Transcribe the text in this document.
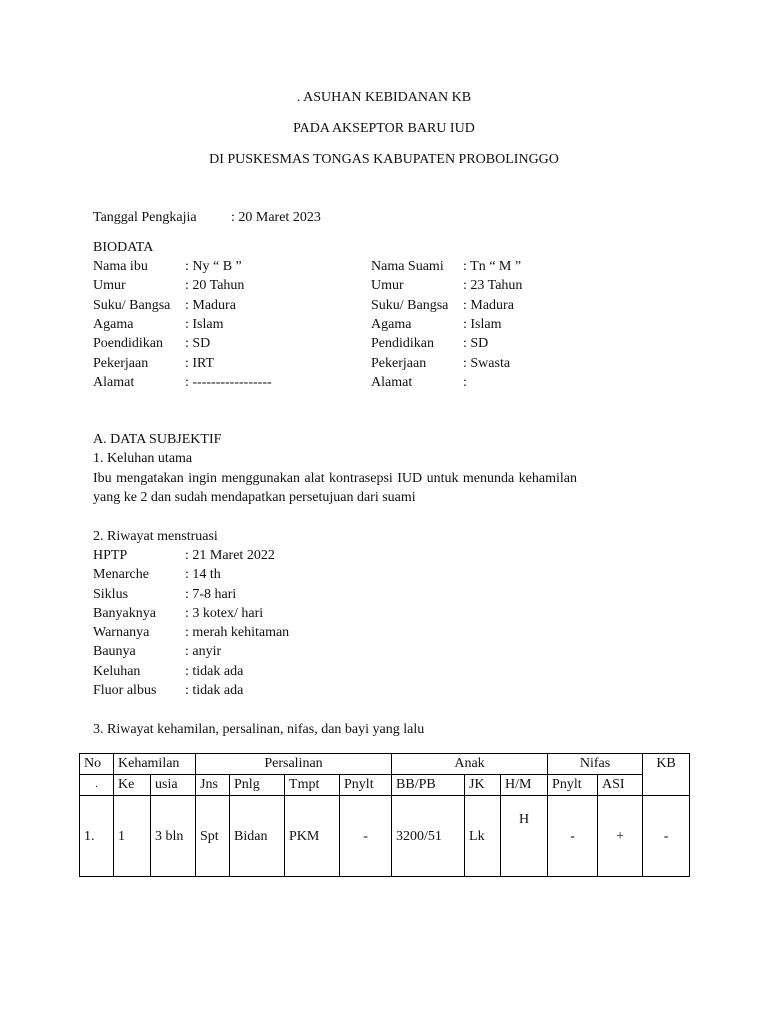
. ASUHAN KEBIDANAN KB
PADA AKSEPTOR BARU IUD
DI PUSKESMAS TONGAS KABUPATEN PROBOLINGGO
Tanggal Pengkajia : 20 Maret 2023
BIODATA
Nama ibu	: Ny “ B ”
Umur	: 20 Tahun
Suku/ Bangsa : Madura
Agama	: Islam
Poendidikan : SD
Pekerjaan	: IRT
Alamat	: -----------------
Nama Suami : Tn “ M ”
Umur	: 23 Tahun
Suku/ Bangsa : Madura
Agama	: Islam
Pendidikan : SD
Pekerjaan	: Swasta
Alamat	:
A. DATA SUBJEKTIF
1. Keluhan utama
Ibu mengatakan ingin menggunakan alat kontrasepsi IUD untuk menunda kehamilan yang ke 2 dan sudah mendapatkan persetujuan dari suami
2. Riwayat menstruasi
HPTP	: 21 Maret 2022
Menarche	: 14 th
Siklus	: 7-8 hari
Banyaknya : 3 kotex/ hari
Warnanya	: merah kehitaman
Baunya	: anyir
Keluhan	: tidak ada
Fluor albus : tidak ada
3. Riwayat kehamilan, persalinan, nifas, dan bayi yang lalu
No	Kehamilan		Persalinan				Anak			Nifas		KB
.	Ke	usia	Jns	Pnlg	Tmpt	Pnylt	BB/PB	JK	H/M	Pnylt	ASI	
1.	1	3 bln	Spt	Bidan	PKM	-	3200/51	Lk	H	-	+	-
